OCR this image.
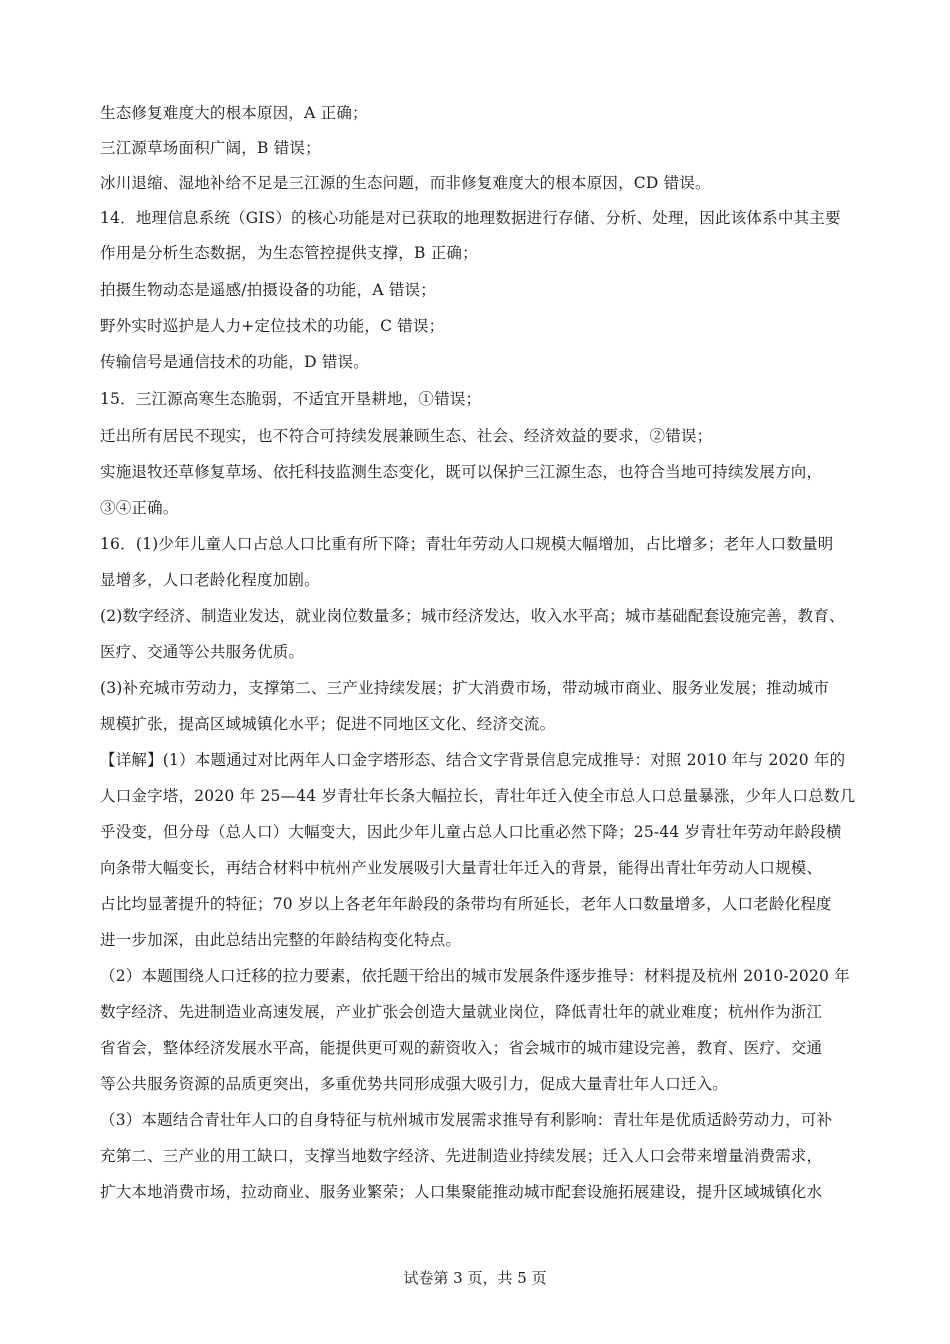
生态修复难度大的根本原因，A 正确；
三江源草场面积广阔，B 错误；
冰川退缩、湿地补给不足是三江源的生态问题，而非修复难度大的根本原因，CD 错误。
14．地理信息系统（GIS）的核心功能是对已获取的地理数据进行存储、分析、处理，因此该体系中其主要
作用是分析生态数据，为生态管控提供支撑，B 正确；
拍摄生物动态是遥感/拍摄设备的功能，A 错误；
野外实时巡护是人力+定位技术的功能，C 错误；
传输信号是通信技术的功能，D 错误。
15．三江源高寒生态脆弱，不适宜开垦耕地，①错误；
迁出所有居民不现实，也不符合可持续发展兼顾生态、社会、经济效益的要求，②错误；
实施退牧还草修复草场、依托科技监测生态变化，既可以保护三江源生态，也符合当地可持续发展方向，
③④正确。
16．(1)少年儿童人口占总人口比重有所下降；青壮年劳动人口规模大幅增加，占比增多；老年人口数量明
显增多，人口老龄化程度加剧。
(2)数字经济、制造业发达，就业岗位数量多；城市经济发达，收入水平高；城市基础配套设施完善，教育、
医疗、交通等公共服务优质。
(3)补充城市劳动力，支撑第二、三产业持续发展；扩大消费市场，带动城市商业、服务业发展；推动城市
规模扩张，提高区域城镇化水平；促进不同地区文化、经济交流。
【详解】(1）本题通过对比两年人口金字塔形态、结合文字背景信息完成推导：对照 2010 年与 2020 年的
人口金字塔，2020 年 25—44 岁青壮年长条大幅拉长，青壮年迁入使全市总人口总量暴涨，少年人口总数几
乎没变，但分母（总人口）大幅变大，因此少年儿童占总人口比重必然下降；25-44 岁青壮年劳动年龄段横
向条带大幅变长，再结合材料中杭州产业发展吸引大量青壮年迁入的背景，能得出青壮年劳动人口规模、
占比均显著提升的特征；70 岁以上各老年年龄段的条带均有所延长，老年人口数量增多，人口老龄化程度
进一步加深，由此总结出完整的年龄结构变化特点。
（2）本题围绕人口迁移的拉力要素，依托题干给出的城市发展条件逐步推导：材料提及杭州 2010-2020 年
数字经济、先进制造业高速发展，产业扩张会创造大量就业岗位，降低青壮年的就业难度；杭州作为浙江
省省会，整体经济发展水平高，能提供更可观的薪资收入；省会城市的城市建设完善，教育、医疗、交通
等公共服务资源的品质更突出，多重优势共同形成强大吸引力，促成大量青壮年人口迁入。
（3）本题结合青壮年人口的自身特征与杭州城市发展需求推导有利影响：青壮年是优质适龄劳动力，可补
充第二、三产业的用工缺口，支撑当地数字经济、先进制造业持续发展；迁入人口会带来增量消费需求，
扩大本地消费市场，拉动商业、服务业繁荣；人口集聚能推动城市配套设施拓展建设，提升区域城镇化水
试卷第 3 页，共 5 页
